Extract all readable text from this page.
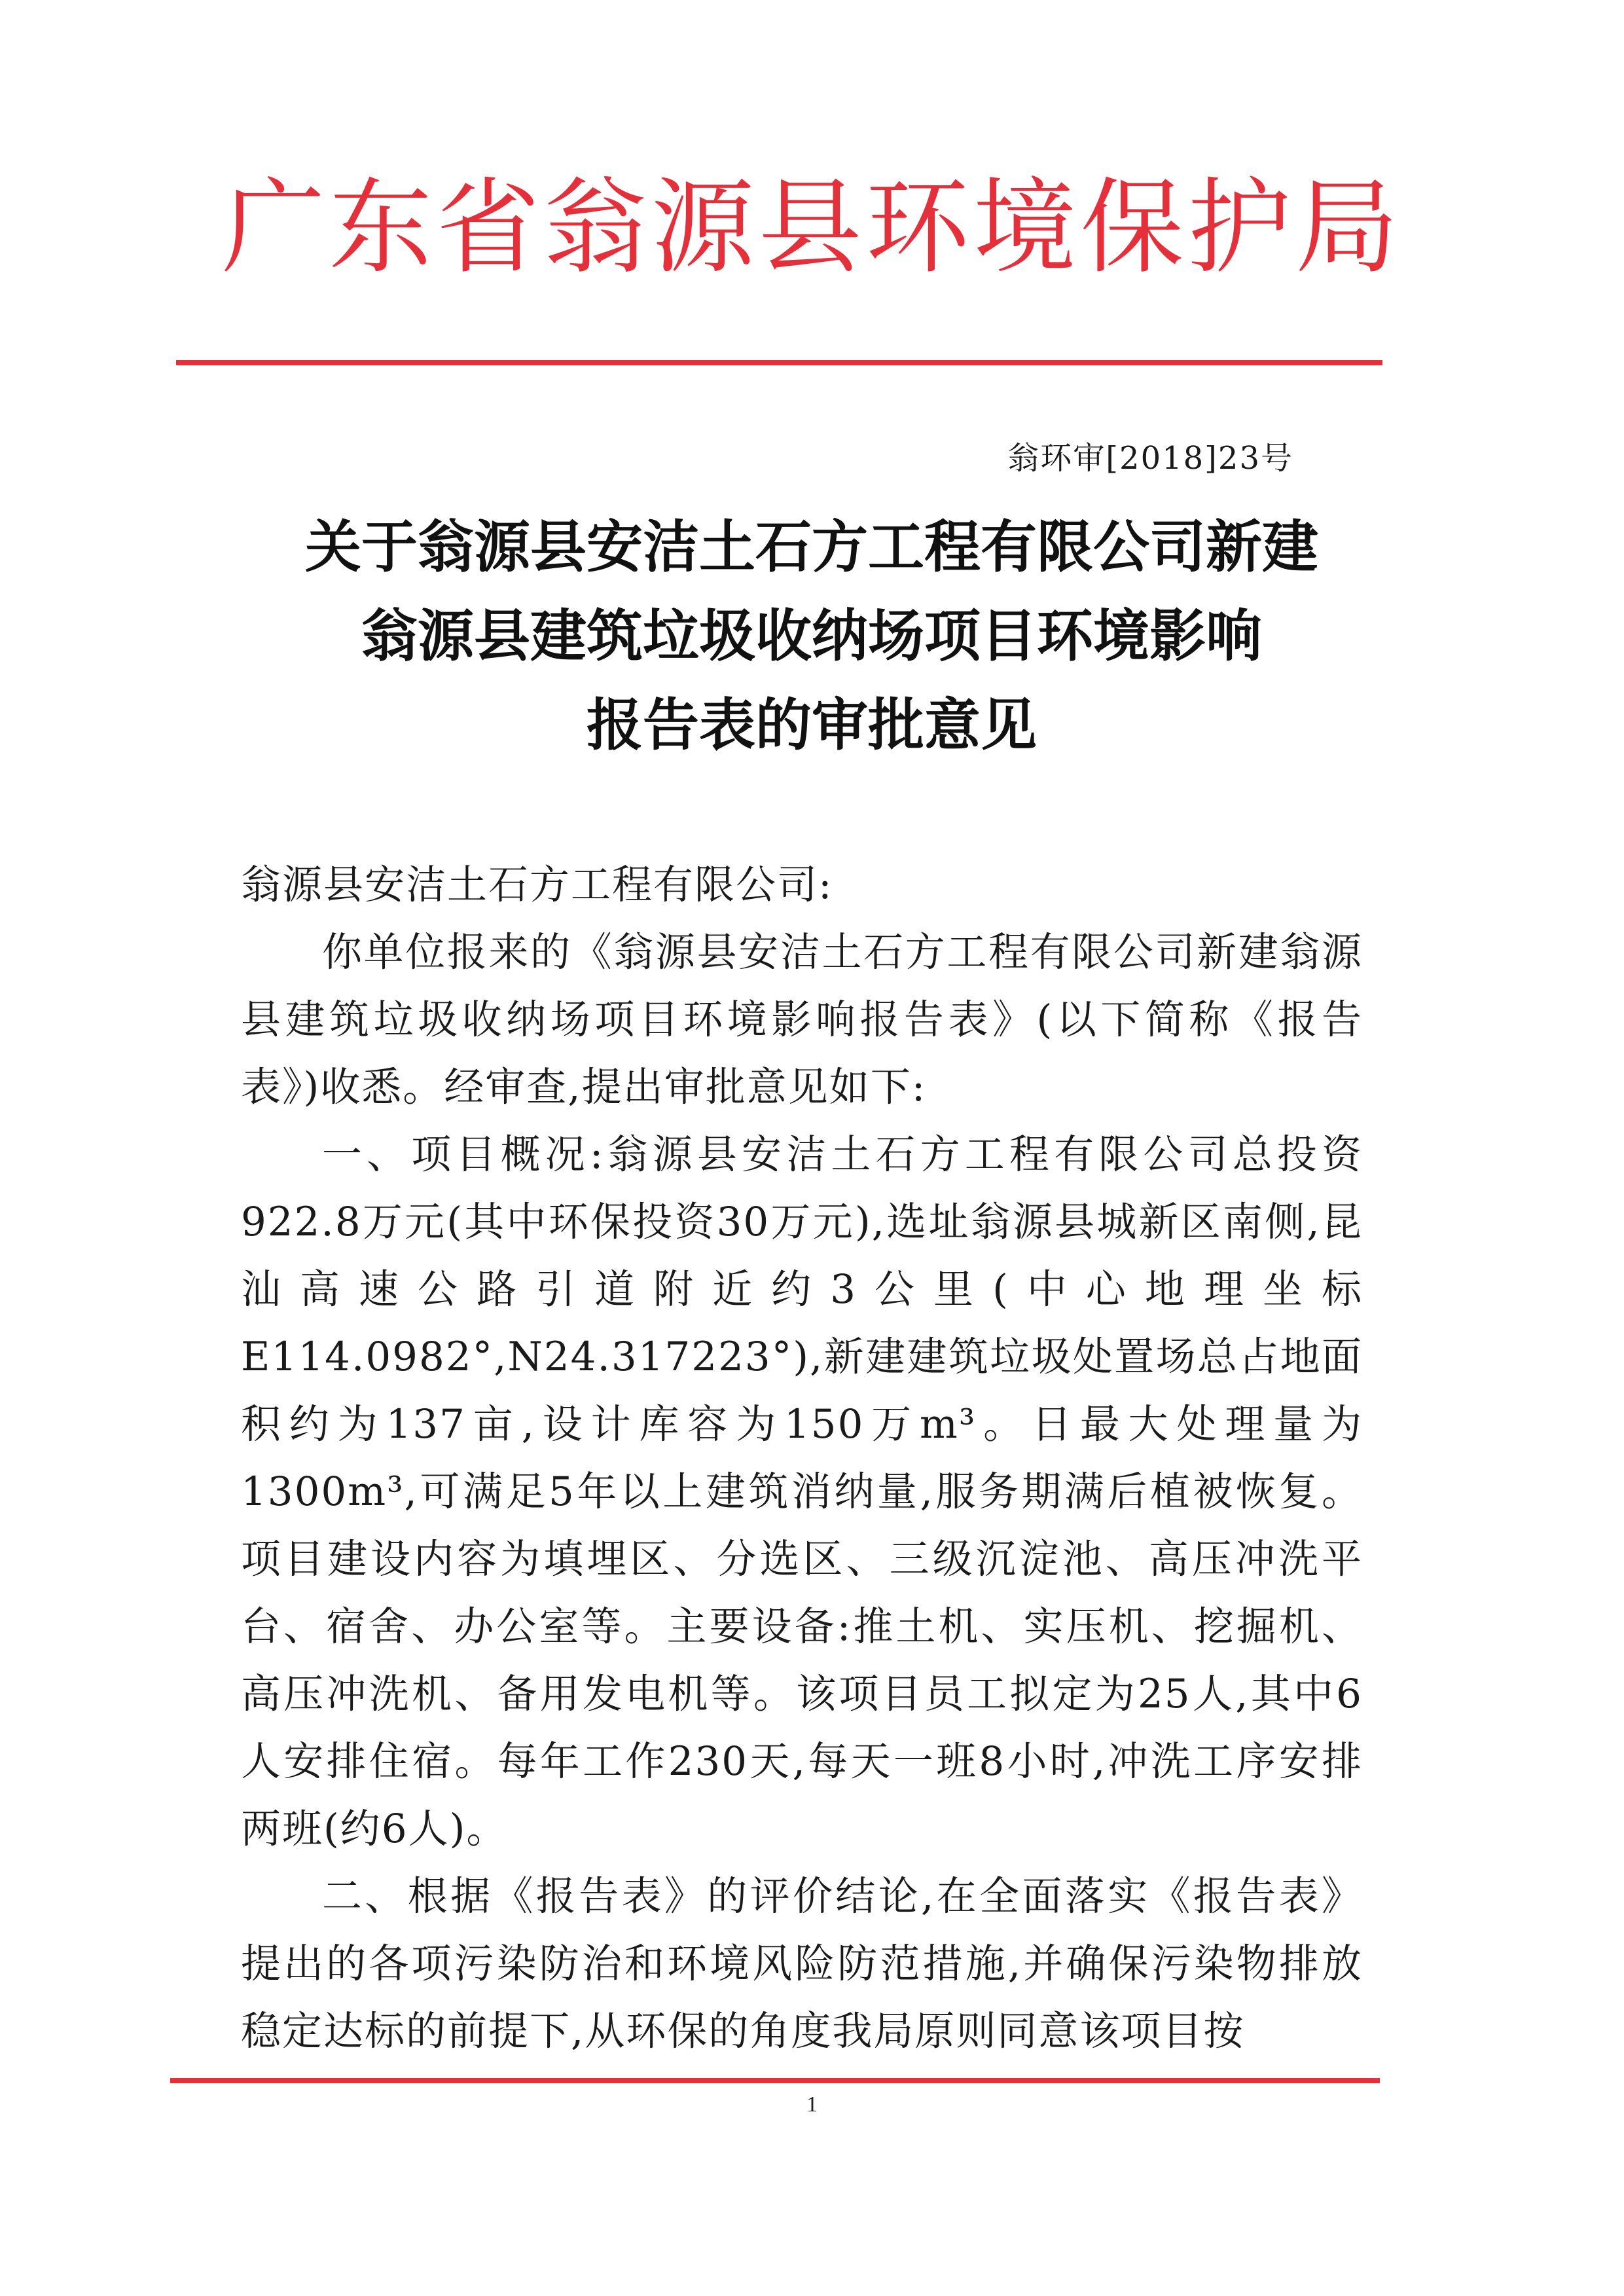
广东省翁源县环境保护局
翁环审[2018]23号
关于翁源县安洁土石方工程有限公司新建
翁源县建筑垃圾收纳场项目环境影响
报告表的审批意见

翁源县安洁土石方工程有限公司:

你单位报来的《翁源县安洁土石方工程有限公司新建翁源县建筑垃圾收纳场项目环境影响报告表》(以下简称《报告表》)收悉。经审查,提出审批意见如下:

一、项目概况:翁源县安洁土石方工程有限公司总投资922.8万元(其中环保投资30万元),选址翁源县城新区南侧,昆汕高速公路引道附近约3公里(中心地理坐标E114.0982°,N24.317223°),新建建筑垃圾处置场总占地面积约为137亩,设计库容为150万m³。日最大处理量为1300m³,可满足5年以上建筑消纳量,服务期满后植被恢复。项目建设内容为填埋区、分选区、三级沉淀池、高压冲洗平台、宿舍、办公室等。主要设备:推土机、实压机、挖掘机、高压冲洗机、备用发电机等。该项目员工拟定为25人,其中6人安排住宿。每年工作230天,每天一班8小时,冲洗工序安排两班(约6人)。

二、根据《报告表》的评价结论,在全面落实《报告表》提出的各项污染防治和环境风险防范措施,并确保污染物排放稳定达标的前提下,从环保的角度我局原则同意该项目按

1
